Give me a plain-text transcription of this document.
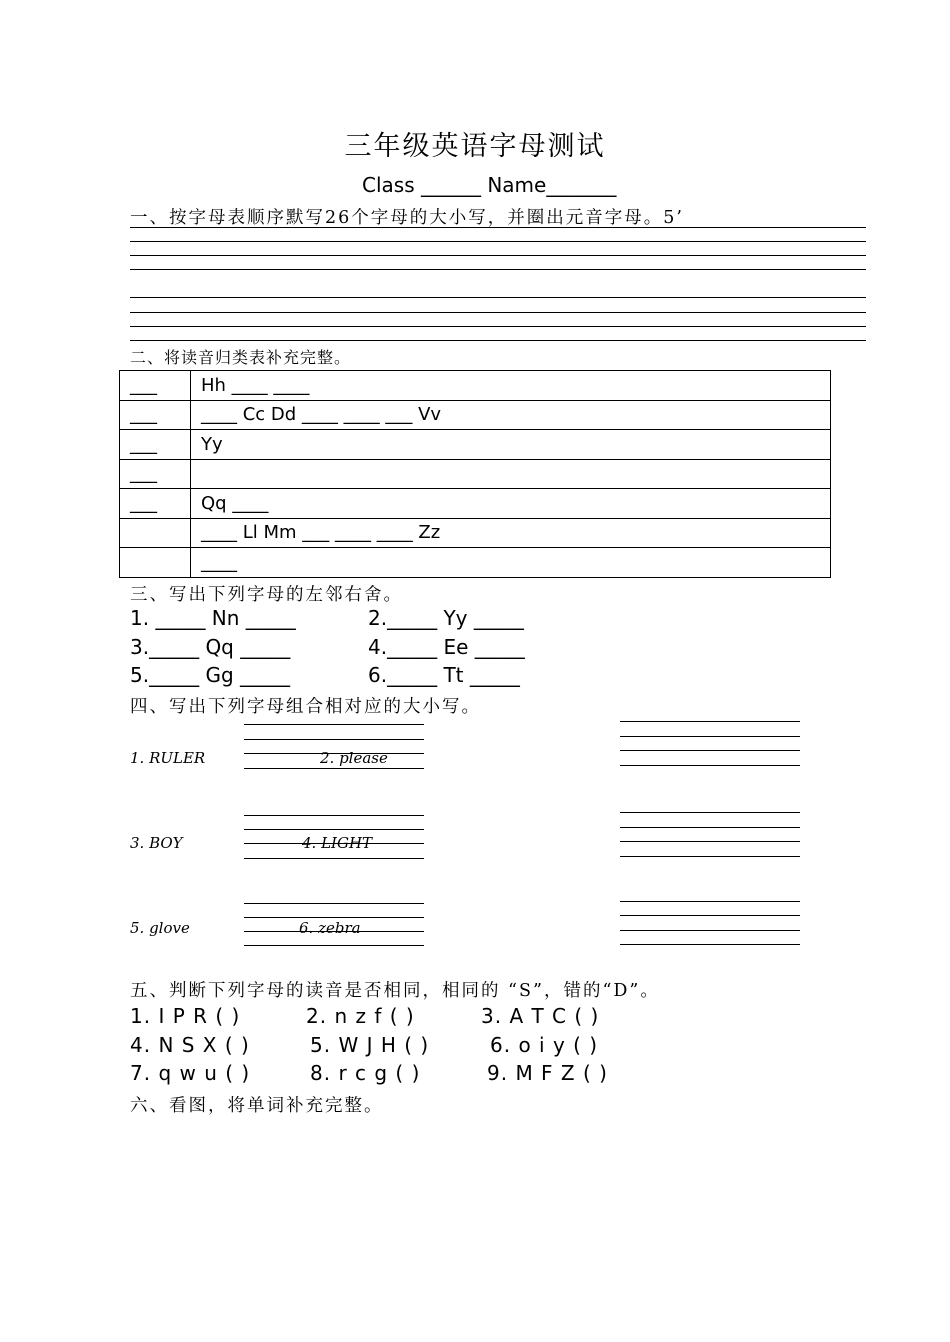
三年级英语字母测试
Class ______ Name_______
一、按字母表顺序默写26个字母的大小写，并圈出元音字母。5’
二、将读音归类表补充完整。
___	Hh ____ ____
___	____ Cc Dd ____ ____ ___ Vv
___	Yy
___	
___	Qq ____
	____ Ll Mm ___ ____ ____ Zz
	____
三、写出下列字母的左邻右舍。
1. _____ Nn _____	2._____ Yy _____
3._____ Qq _____	4._____ Ee _____
5._____ Gg _____	6._____ Tt _____
四、写出下列字母组合相对应的大小写。
1. RULER	2. please
3. BOY	4. LIGHT
5. glove	6. zebra
五、判断下列字母的读音是否相同，相同的 “S”，错的“D”。
1. I P R ( )	2. n z f ( )	3. A T C ( )
4. N S X ( )	5. W J H ( )	6. o i y ( )
7. q w u ( )	8. r c g ( )	9. M F Z ( )
六、看图，将单词补充完整。
